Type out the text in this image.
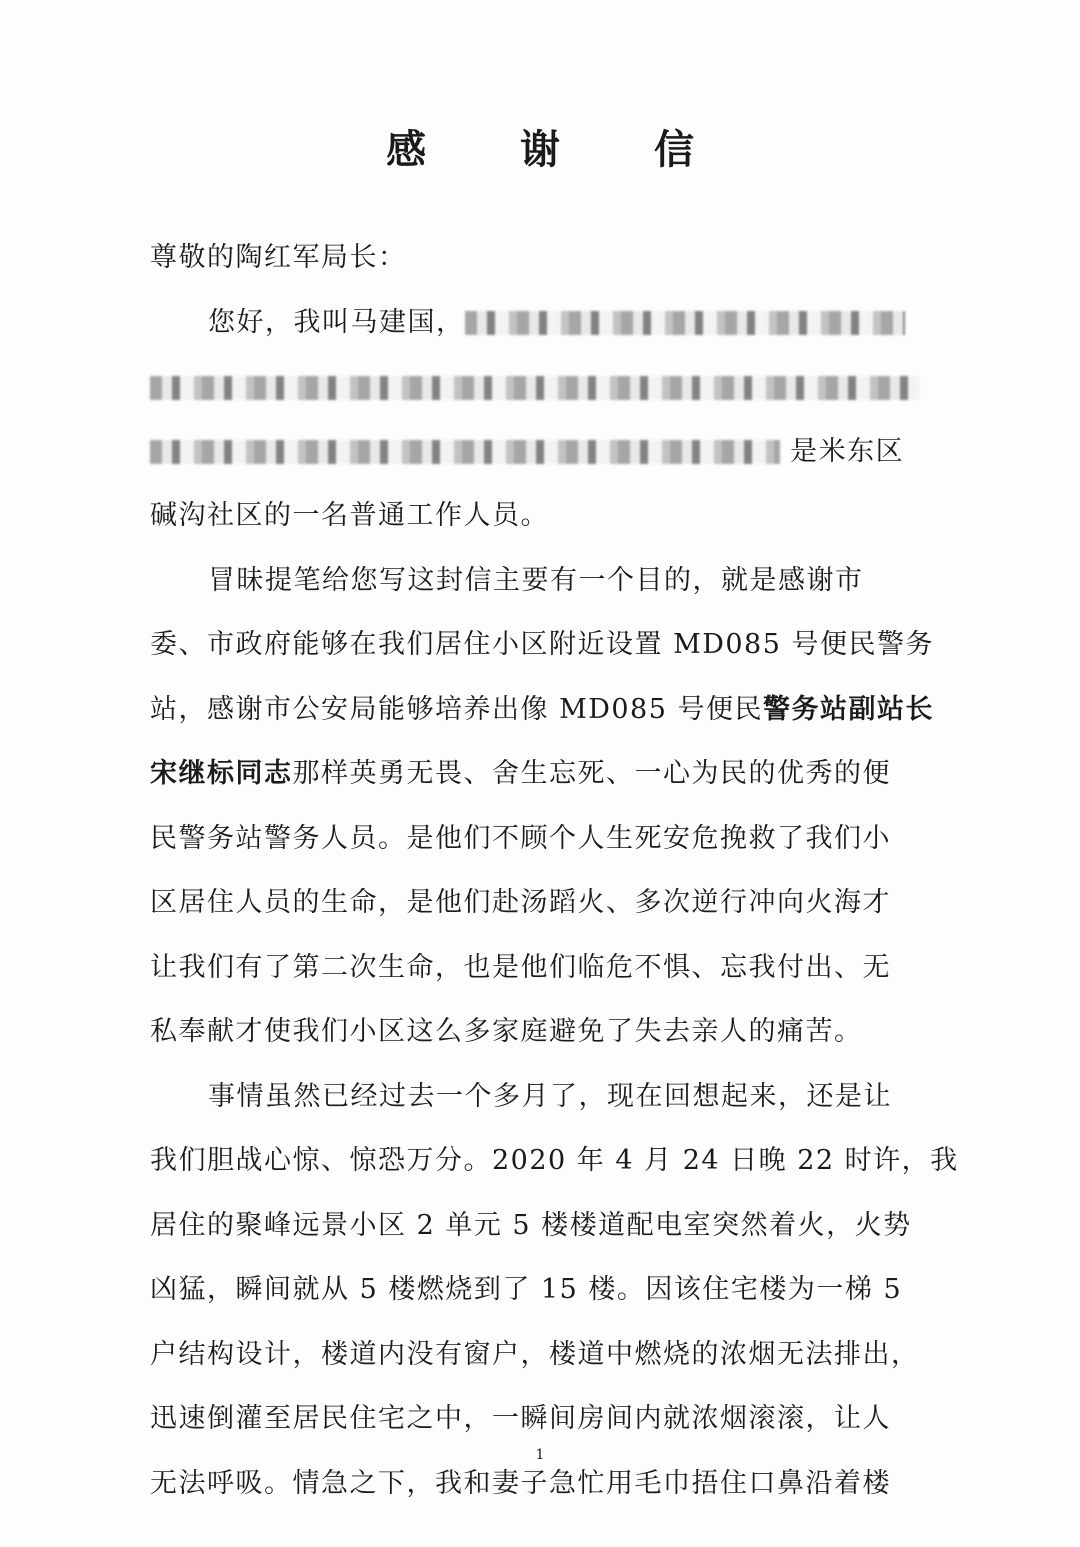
感 谢 信
尊敬的陶红军局长：
您好，我叫马建国，
是米东区
碱沟社区的一名普通工作人员。
冒昧提笔给您写这封信主要有一个目的，就是感谢市
委、市政府能够在我们居住小区附近设置 MD085 号便民警务
站，感谢市公安局能够培养出像 MD085 号便民警务站副站长
宋继标同志那样英勇无畏、舍生忘死、一心为民的优秀的便
民警务站警务人员。是他们不顾个人生死安危挽救了我们小
区居住人员的生命，是他们赴汤蹈火、多次逆行冲向火海才
让我们有了第二次生命，也是他们临危不惧、忘我付出、无
私奉献才使我们小区这么多家庭避免了失去亲人的痛苦。
事情虽然已经过去一个多月了，现在回想起来，还是让
我们胆战心惊、惊恐万分。2020 年 4 月 24 日晚 22 时许，我
居住的聚峰远景小区 2 单元 5 楼楼道配电室突然着火，火势
凶猛，瞬间就从 5 楼燃烧到了 15 楼。因该住宅楼为一梯 5
户结构设计，楼道内没有窗户，楼道中燃烧的浓烟无法排出，
迅速倒灌至居民住宅之中，一瞬间房间内就浓烟滚滚，让人
无法呼吸。情急之下，我和妻子急忙用毛巾捂住口鼻沿着楼
1
